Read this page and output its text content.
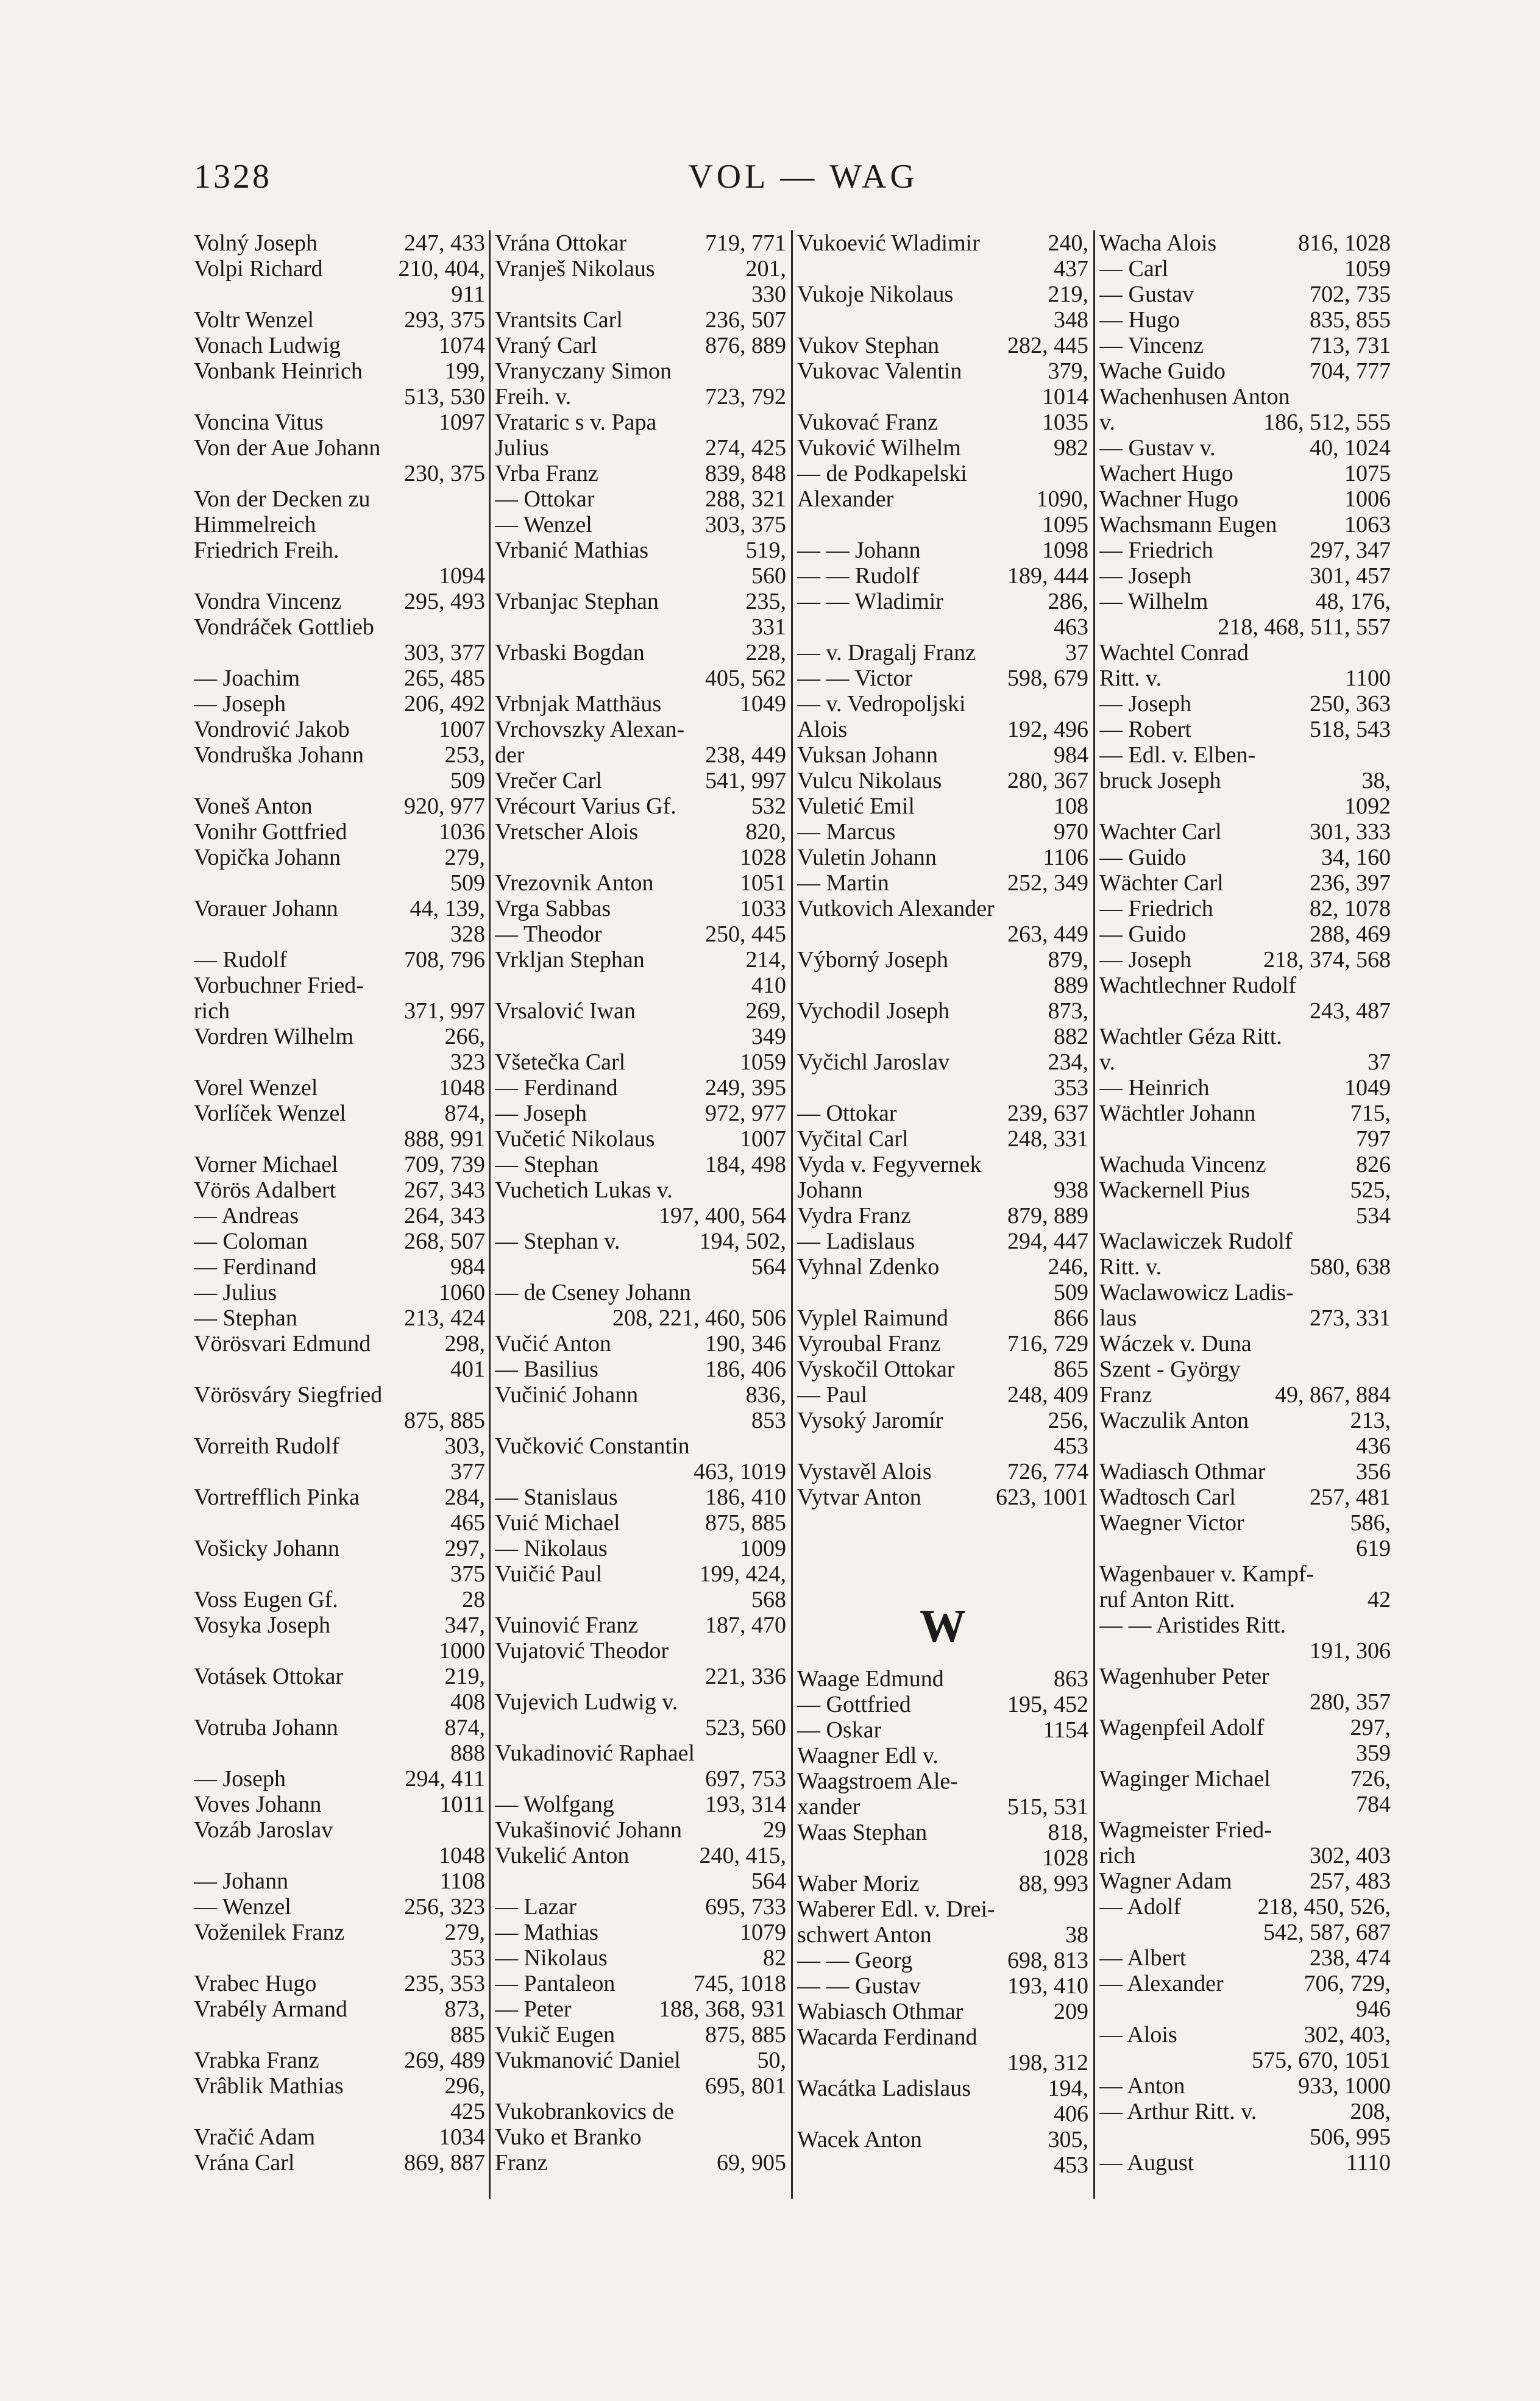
1328	VOL — WAG
Volný Joseph	247, 433
Volpi Richard	210, 404,
911
Voltr Wenzel	293, 375
Vonach Ludwig	1074
Vonbank Heinrich	199,
513, 530
Voncina Vitus	1097
Von der Aue Johann
230, 375
Von der Decken zu
Himmelreich
Friedrich Freih.
1094
Vondra Vincenz	295, 493
Vondráček Gottlieb
303, 377
— Joachim	265, 485
— Joseph	206, 492
Vondrović Jakob	1007
Vondruška Johann	253,
509
Voneš Anton	920, 977
Vonihr Gottfried	1036
Vopička Johann	279,
509
Vorauer Johann	44, 139,
328
— Rudolf	708, 796
Vorbuchner Fried-
rich	371, 997
Vordren Wilhelm	266,
323
Vorel Wenzel	1048
Vorlíček Wenzel	874,
888, 991
Vorner Michael	709, 739
Vörös Adalbert	267, 343
— Andreas	264, 343
— Coloman	268, 507
— Ferdinand	984
— Julius	1060
— Stephan	213, 424
Vörösvari Edmund	298,
401
Vörösváry Siegfried
875, 885
Vorreith Rudolf	303,
377
Vortrefflich Pinka	284,
465
Vošicky Johann	297,
375
Voss Eugen Gf.	28
Vosyka Joseph	347,
1000
Votásek Ottokar	219,
408
Votruba Johann	874,
888
— Joseph	294, 411
Voves Johann	1011
Vozáb Jaroslav
1048
— Johann	1108
— Wenzel	256, 323
Voženilek Franz	279,
353
Vrabec Hugo	235, 353
Vrabély Armand	873,
885
Vrabka Franz	269, 489
Vrâblik Mathias	296,
425
Vračić Adam	1034
Vrána Carl	869, 887
Vrána Ottokar	719, 771
Vranješ Nikolaus	201,
330
Vrantsits Carl	236, 507
Vraný Carl	876, 889
Vranyczany Simon
Freih. v.	723, 792
Vrataric s v. Papa
Julius	274, 425
Vrba Franz	839, 848
— Ottokar	288, 321
— Wenzel	303, 375
Vrbanić Mathias	519,
560
Vrbanjac Stephan	235,
331
Vrbaski Bogdan	228,
405, 562
Vrbnjak Matthäus	1049
Vrchovszky Alexan-
der	238, 449
Vrečer Carl	541, 997
Vrécourt Varius Gf.	532
Vretscher Alois	820,
1028
Vrezovnik Anton	1051
Vrga Sabbas	1033
— Theodor	250, 445
Vrkljan Stephan	214,
410
Vrsalović Iwan	269,
349
Všetečka Carl	1059
— Ferdinand	249, 395
— Joseph	972, 977
Vučetić Nikolaus	1007
— Stephan	184, 498
Vuchetich Lukas v.
197, 400, 564
— Stephan v.	194, 502,
564
— de Cseney Johann
208, 221, 460, 506
Vučić Anton	190, 346
— Basilius	186, 406
Vučinić Johann	836,
853
Vučković Constantin
463, 1019
— Stanislaus	186, 410
Vuić Michael	875, 885
— Nikolaus	1009
Vuičić Paul	199, 424,
568
Vuinović Franz	187, 470
Vujatović Theodor
221, 336
Vujevich Ludwig v.
523, 560
Vukadinović Raphael
697, 753
— Wolfgang	193, 314
Vukašinović Johann	29
Vukelić Anton	240, 415,
564
— Lazar	695, 733
— Mathias	1079
— Nikolaus	82
— Pantaleon	745, 1018
— Peter	188, 368, 931
Vukič Eugen	875, 885
Vukmanović Daniel	50,
695, 801
Vukobrankovics de
Vuko et Branko
Franz	69, 905
Vukoević Wladimir	240,
437
Vukoje Nikolaus	219,
348
Vukov Stephan	282, 445
Vukovac Valentin	379,
1014
Vukovać Franz	1035
Vuković Wilhelm	982
— de Podkapelski
Alexander	1090,
1095
— — Johann	1098
— — Rudolf	189, 444
— — Wladimir	286,
463
— v. Dragalj Franz	37
— — Victor	598, 679
— v. Vedropoljski
Alois	192, 496
Vuksan Johann	984
Vulcu Nikolaus	280, 367
Vuletić Emil	108
— Marcus	970
Vuletin Johann	1106
— Martin	252, 349
Vutkovich Alexander
263, 449
Výborný Joseph	879,
889
Vychodil Joseph	873,
882
Vyčichl Jaroslav	234,
353
— Ottokar	239, 637
Vyčital Carl	248, 331
Vyda v. Fegyvernek
Johann	938
Vydra Franz	879, 889
— Ladislaus	294, 447
Vyhnal Zdenko	246,
509
Vyplel Raimund	866
Vyroubal Franz	716, 729
Vyskočil Ottokar	865
— Paul	248, 409
Vysoký Jaromír	256,
453
Vystavěl Alois	726, 774
Vytvar Anton	623, 1001
W
Waage Edmund	863
— Gottfried	195, 452
— Oskar	1154
Waagner Edl v.
Waagstroem Ale-
xander	515, 531
Waas Stephan	818,
1028
Waber Moriz	88, 993
Waberer Edl. v. Drei-
schwert Anton	38
— — Georg	698, 813
— — Gustav	193, 410
Wabiasch Othmar	209
Wacarda Ferdinand
198, 312
Wacátka Ladislaus	194,
406
Wacek Anton	305,
453
Wacha Alois	816, 1028
— Carl	1059
— Gustav	702, 735
— Hugo	835, 855
— Vincenz	713, 731
Wache Guido	704, 777
Wachenhusen Anton
v.	186, 512, 555
— Gustav v.	40, 1024
Wachert Hugo	1075
Wachner Hugo	1006
Wachsmann Eugen	1063
— Friedrich	297, 347
— Joseph	301, 457
— Wilhelm	48, 176,
218, 468, 511, 557
Wachtel Conrad
Ritt. v.	1100
— Joseph	250, 363
— Robert	518, 543
— Edl. v. Elben-
bruck Joseph	38,
1092
Wachter Carl	301, 333
— Guido	34, 160
Wächter Carl	236, 397
— Friedrich	82, 1078
— Guido	288, 469
— Joseph	218, 374, 568
Wachtlechner Rudolf
243, 487
Wachtler Géza Ritt.
v.	37
— Heinrich	1049
Wächtler Johann	715,
797
Wachuda Vincenz	826
Wackernell Pius	525,
534
Waclawiczek Rudolf
Ritt. v.	580, 638
Waclawowicz Ladis-
laus	273, 331
Wáczek v. Duna
Szent - György
Franz	49, 867, 884
Waczulik Anton	213,
436
Wadiasch Othmar	356
Wadtosch Carl	257, 481
Waegner Victor	586,
619
Wagenbauer v. Kampf-
ruf Anton Ritt.	42
— — Aristides Ritt.
191, 306
Wagenhuber Peter
280, 357
Wagenpfeil Adolf	297,
359
Waginger Michael	726,
784
Wagmeister Fried-
rich	302, 403
Wagner Adam	257, 483
— Adolf	218, 450, 526,
542, 587, 687
— Albert	238, 474
— Alexander	706, 729,
946
— Alois	302, 403,
575, 670, 1051
— Anton	933, 1000
— Arthur Ritt. v.	208,
506, 995
— August	1110
